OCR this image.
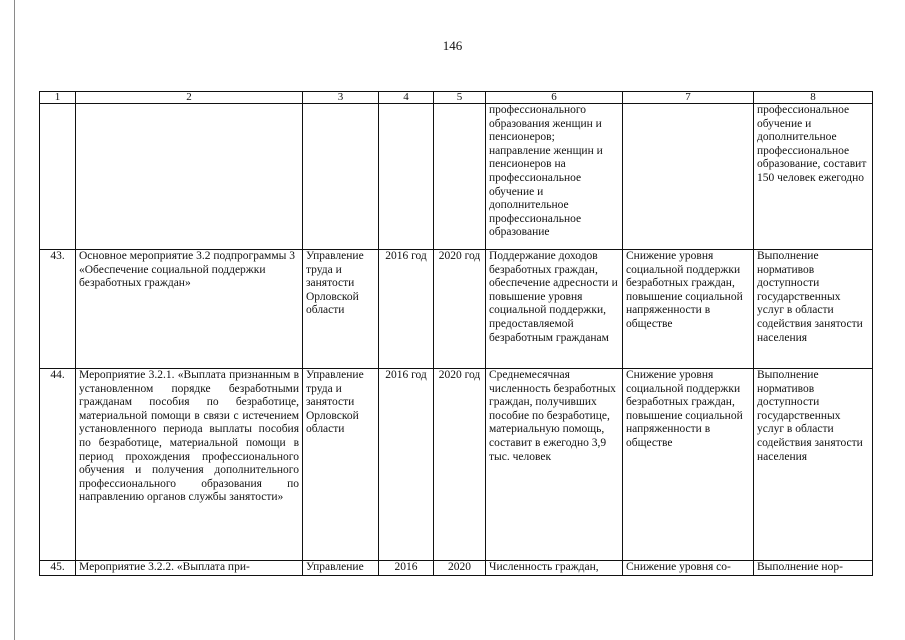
146
1	2	3	4	5	6	7	8
					профессионального образования женщин и пенсионеров; направление женщин и пенсионеров на профессиональное обучение и дополнительное профессиональное образование		профессиональное обучение и дополнительное профессиональное образование, составит 150 человек ежегодно
43.	Основное мероприятие 3.2 подпрограммы 3 «Обеспечение социальной поддержки безработных граждан»	Управление труда и занятости Орловской области	2016 год	2020 год	Поддержание доходов безработных граждан, обеспечение адресности и повышение уровня социальной поддержки, предоставляемой безработным гражданам	Снижение уровня социальной поддержки безработных граждан, повышение социальной напряженности в обществе	Выполнение нормативов доступности государственных услуг в области содействия занятости населения
44.	Мероприятие 3.2.1. «Выплата признанным в установленном порядке безработными гражданам пособия по безработице, материальной помощи в связи с истечением установленного периода выплаты пособия по безработице, материальной помощи в период прохождения профессионального обучения и получения дополнительного профессионального образования по направлению органов службы занятости»	Управление труда и занятости Орловской области	2016 год	2020 год	Среднемесячная численность безработных граждан, получивших пособие по безработице, материальную помощь, составит в ежегодно 3,9 тыс. человек	Снижение уровня социальной поддержки безработных граждан, повышение социальной напряженности в обществе	Выполнение нормативов доступности государственных услуг в области содействия занятости населения
45.	Мероприятие 3.2.2. «Выплата при-	Управление	2016	2020	Численность граждан,	Снижение уровня со-	Выполнение нор-
